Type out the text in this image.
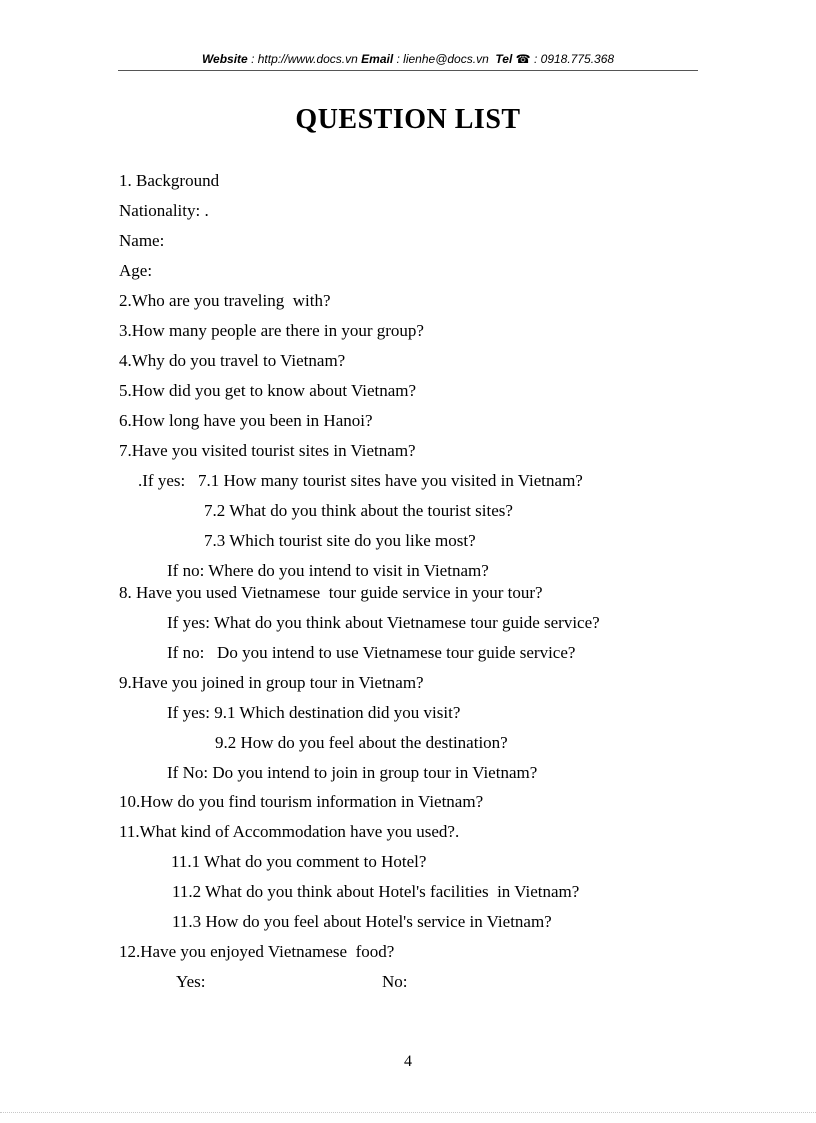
Website : http://www.docs.vn Email : lienhe@docs.vn Tel ☎ : 0918.775.368
QUESTION LIST
1. Background
Nationality: .
Name:
Age:
2.Who are you traveling  with?
3.How many people are there in your group?
4.Why do you travel to Vietnam?
5.How did you get to know about Vietnam?
6.How long have you been in Hanoi?
7.Have you visited tourist sites in Vietnam?
.If yes:   7.1 How many tourist sites have you visited in Vietnam?
7.2 What do you think about the tourist sites?
7.3 Which tourist site do you like most?
If no: Where do you intend to visit in Vietnam?
8. Have you used Vietnamese  tour guide service in your tour?
If yes: What do you think about Vietnamese tour guide service?
If no:   Do you intend to use Vietnamese tour guide service?
9.Have you joined in group tour in Vietnam?
If yes: 9.1 Which destination did you visit?
9.2 How do you feel about the destination?
If No: Do you intend to join in group tour in Vietnam?
10.How do you find tourism information in Vietnam?
11.What kind of Accommodation have you used?.
11.1 What do you comment to Hotel?
11.2 What do you think about Hotel's facilities  in Vietnam?
11.3 How do you feel about Hotel's service in Vietnam?
12.Have you enjoyed Vietnamese  food?
Yes:	No:
4
